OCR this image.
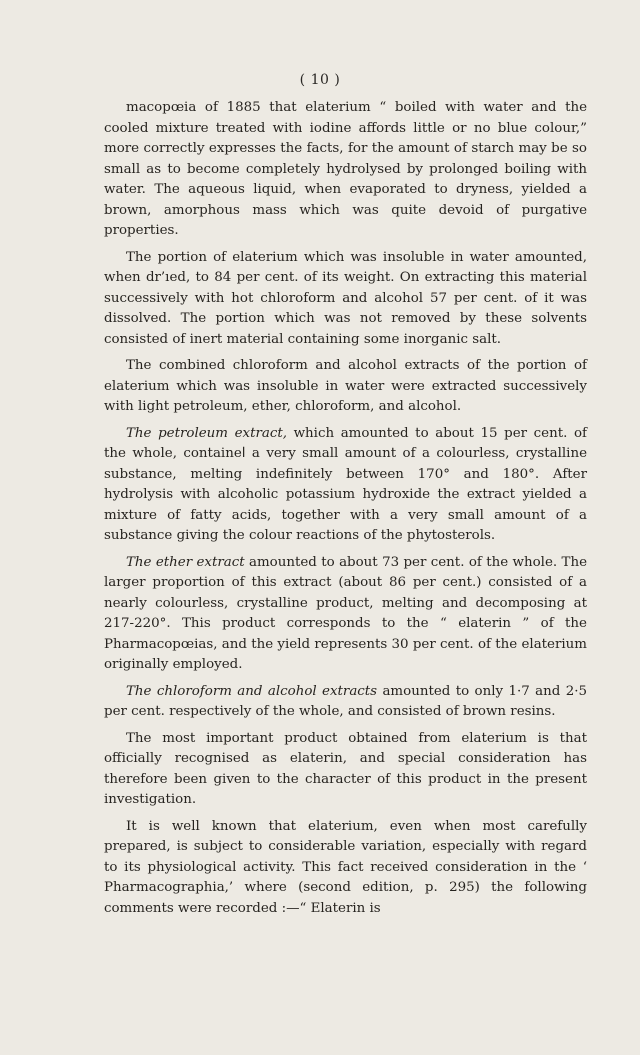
( 10 )

macopœia of 1885 that elaterium “ boiled with water and the cooled mixture treated with iodine affords little or no blue colour,” more correctly expresses the facts, for the amount of starch may be so small as to become completely hydrolysed by prolonged boiling with water. The aqueous liquid, when evaporated to dryness, yielded a brown, amorphous mass which was quite devoid of purgative properties.

The portion of elaterium which was insoluble in water amounted, when dr’ıed, to 84 per cent. of its weight. On extracting this material successively with hot chloroform and alcohol 57 per cent. of it was dissolved. The portion which was not removed by these solvents consisted of inert material containing some inorganic salt.

The combined chloroform and alcohol extracts of the portion of elaterium which was insoluble in water were extracted successively with light petroleum, ether, chloroform, and alcohol.

The petroleum extract, which amounted to about 15 per cent. of the whole, containeا a very small amount of a colourless, crystalline substance, melting indefinitely between 170° and 180°. After hydrolysis with alcoholic potassium hydroxide the extract yielded a mixture of fatty acids, together with a very small amount of a substance giving the colour reactions of the phytosterols.

The ether extract amounted to about 73 per cent. of the whole. The larger proportion of this extract (about 86 per cent.) consisted of a nearly colourless, crystalline product, melting and decomposing at 217-220°. This product corresponds to the “ elaterin ” of the Pharmacopœias, and the yield represents 30 per cent. of the elaterium originally employed.

The chloroform and alcohol extracts amounted to only 1·7 and 2·5 per cent. respectively of the whole, and consisted of brown resins.

The most important product obtained from elaterium is that officially recognised as elaterin, and special consideration has therefore been given to the character of this product in the present investigation.

It is well known that elaterium, even when most carefully prepared, is subject to considerable variation, especially with regard to its physiological activity. This fact received consideration in the ‘ Pharmacographia,’ where (second edition, p. 295) the following comments were recorded :—“ Elaterin is
